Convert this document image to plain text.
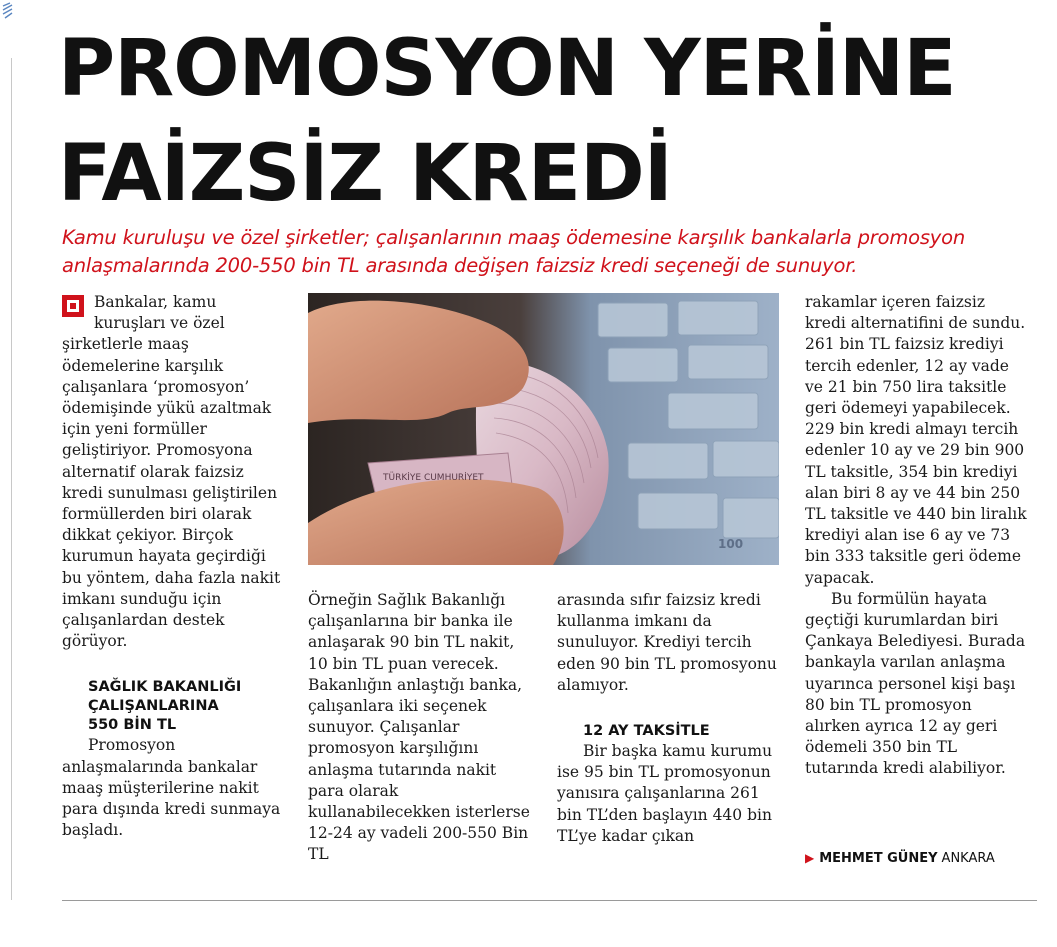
PROMOSYON YERİNE
FAİZSİZ KREDİ

Kamu kuruluşu ve özel şirketler; çalışanlarının maaş ödemesine karşılık bankalarla promosyon anlaşmalarında 200-550 bin TL arasında değişen faizsiz kredi seçeneği de sunuyor.

Bankalar, kamu kuruşları ve özel şirketlerle maaş ödemelerine karşılık çalışanlara ‘promosyon’ ödemişinde yükü azaltmak için yeni formüller geliştiriyor. Promosyona alternatif olarak faizsiz kredi sunulması geliştirilen formüllerden biri olarak dikkat çekiyor. Birçok kurumun hayata geçirdiği bu yöntem, daha fazla nakit imkanı sunduğu için çalışanlardan destek görüyor.

SAĞLIK BAKANLIĞI

ÇALIŞANLARINA

550 BİN TL

Promosyon anlaşmalarında bankalar maaş müşterilerine nakit para dışında kredi sunmaya başladı.

TÜRKİYE CUMHURİYET
100

Örneğin Sağlık Bakanlığı çalışanlarına bir banka ile anlaşarak 90 bin TL nakit, 10 bin TL puan verecek. Bakanlığın anlaştığı banka, çalışanlara iki seçenek sunuyor. Çalışanlar promosyon karşılığını anlaşma tutarında nakit para olarak kullanabilecekken isterlerse 12-24 ay vadeli 200-550 Bin TL

arasında sıfır faizsiz kredi kullanma imkanı da sunuluyor. Krediyi tercih eden 90 bin TL promosyonu alamıyor.

12 AY TAKSİTLE

Bir başka kamu kurumu ise 95 bin TL promosyonun yanısıra çalışanlarına 261 bin TL’den başlayın 440 bin TL’ye kadar çıkan

rakamlar içeren faizsiz kredi alternatifini de sundu. 261 bin TL faizsiz krediyi tercih edenler, 12 ay vade ve 21 bin 750 lira taksitle geri ödemeyi yapabilecek. 229 bin kredi almayı tercih edenler 10 ay ve 29 bin 900 TL taksitle, 354 bin krediyi alan biri 8 ay ve 44 bin 250 TL taksitle ve 440 bin liralık krediyi alan ise 6 ay ve 73 bin 333 taksitle geri ödeme yapacak.

Bu formülün hayata geçtiği kurumlardan biri Çankaya Belediyesi. Burada bankayla varılan anlaşma uyarınca personel kişi başı 80 bin TL promosyon alırken ayrıca 12 ay geri ödemeli 350 bin TL tutarında kredi alabiliyor.

▶ MEHMET GÜNEY ANKARA
